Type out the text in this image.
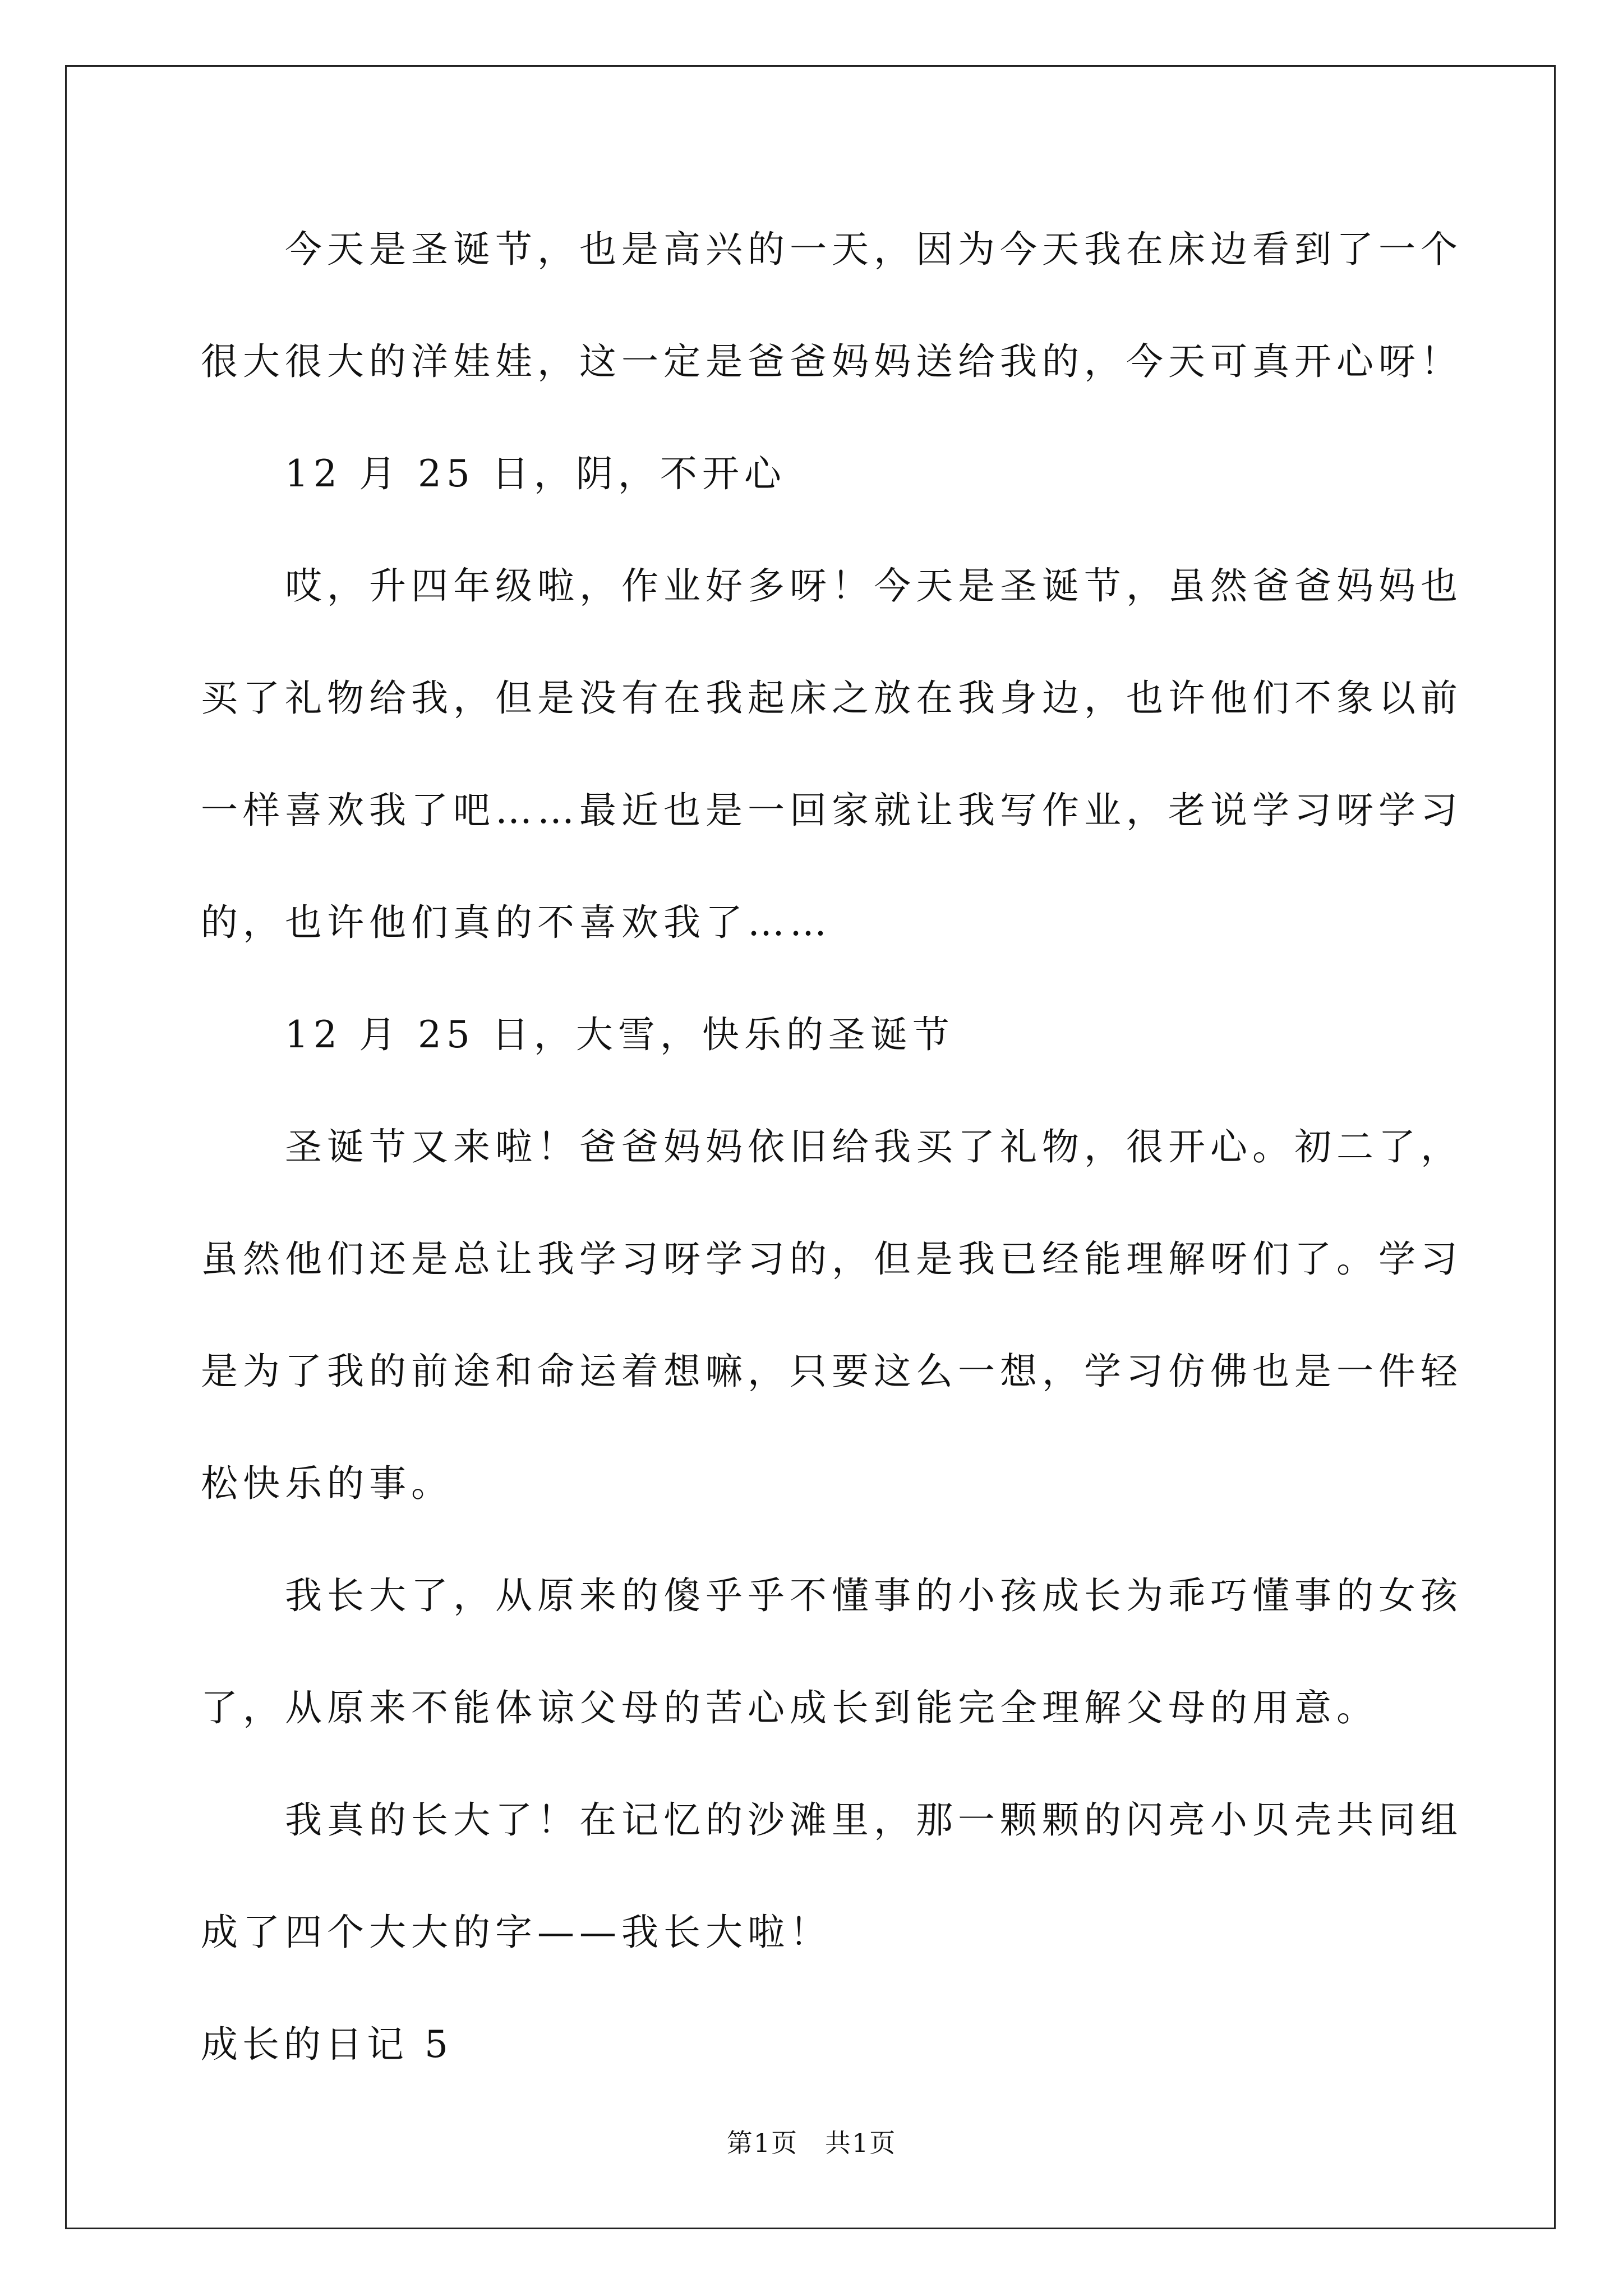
今天是圣诞节，也是高兴的一天，因为今天我在床边看到了一个
很大很大的洋娃娃，这一定是爸爸妈妈送给我的，今天可真开心呀！
12 月 25 日，阴，不开心
哎，升四年级啦，作业好多呀！今天是圣诞节，虽然爸爸妈妈也
买了礼物给我，但是没有在我起床之放在我身边，也许他们不象以前
一样喜欢我了吧……最近也是一回家就让我写作业，老说学习呀学习
的，也许他们真的不喜欢我了……
12 月 25 日，大雪，快乐的圣诞节
圣诞节又来啦！爸爸妈妈依旧给我买了礼物，很开心。初二了，
虽然他们还是总让我学习呀学习的，但是我已经能理解呀们了。学习
是为了我的前途和命运着想嘛，只要这么一想，学习仿佛也是一件轻
松快乐的事。
我长大了，从原来的傻乎乎不懂事的小孩成长为乖巧懂事的女孩
了，从原来不能体谅父母的苦心成长到能完全理解父母的用意。
我真的长大了！在记忆的沙滩里，那一颗颗的闪亮小贝壳共同组
成了四个大大的字——我长大啦！
成长的日记 5
第1页　共1页
